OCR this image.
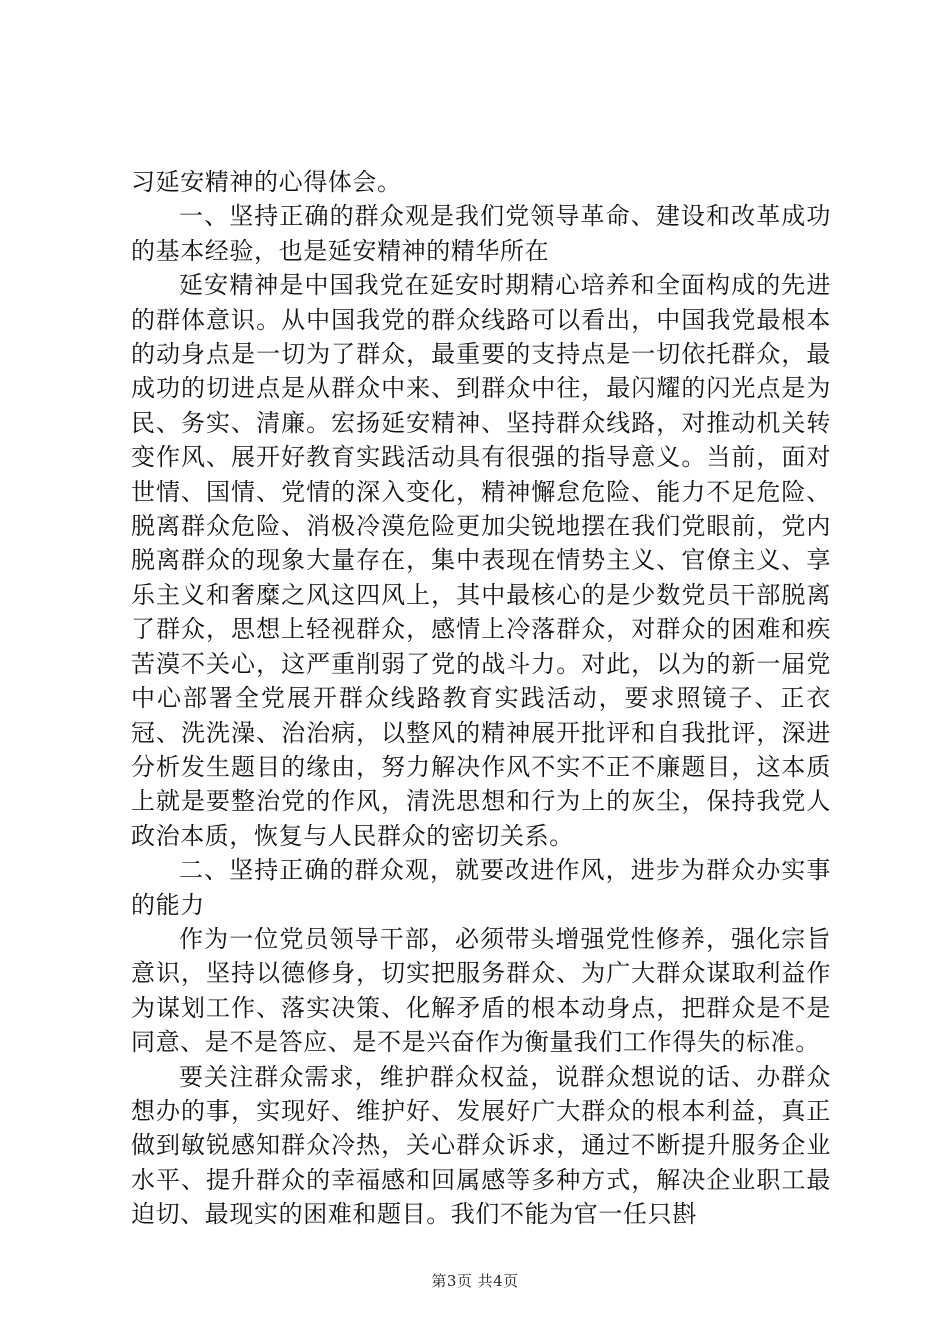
习延安精神的心得体会。

一、坚持正确的群众观是我们党领导革命、建设和改革成功的基本经验，也是延安精神的精华所在

延安精神是中国我党在延安时期精心培养和全面构成的先进的群体意识。从中国我党的群众线路可以看出，中国我党最根本的动身点是一切为了群众，最重要的支持点是一切依托群众，最成功的切进点是从群众中来、到群众中往，最闪耀的闪光点是为民、务实、清廉。宏扬延安精神、坚持群众线路，对推动机关转变作风、展开好教育实践活动具有很强的指导意义。当前，面对世情、国情、党情的深入变化，精神懈怠危险、能力不足危险、脱离群众危险、消极冷漠危险更加尖锐地摆在我们党眼前，党内脱离群众的现象大量存在，集中表现在情势主义、官僚主义、享乐主义和奢糜之风这四风上，其中最核心的是少数党员干部脱离了群众，思想上轻视群众，感情上冷落群众，对群众的困难和疾苦漠不关心，这严重削弱了党的战斗力。对此，以为的新一届党中心部署全党展开群众线路教育实践活动，要求照镜子、正衣冠、洗洗澡、治治病，以整风的精神展开批评和自我批评，深进分析发生题目的缘由，努力解决作风不实不正不廉题目，这本质上就是要整治党的作风，清洗思想和行为上的灰尘，保持我党人政治本质，恢复与人民群众的密切关系。

二、坚持正确的群众观，就要改进作风，进步为群众办实事的能力

作为一位党员领导干部，必须带头增强党性修养，强化宗旨意识，坚持以德修身，切实把服务群众、为广大群众谋取利益作为谋划工作、落实决策、化解矛盾的根本动身点，把群众是不是同意、是不是答应、是不是兴奋作为衡量我们工作得失的标准。

要关注群众需求，维护群众权益，说群众想说的话、办群众想办的事，实现好、维护好、发展好广大群众的根本利益，真正做到敏锐感知群众冷热，关心群众诉求，通过不断提升服务企业水平、提升群众的幸福感和回属感等多种方式，解决企业职工最迫切、最现实的困难和题目。我们不能为官一任只斟

第3页 共4页
